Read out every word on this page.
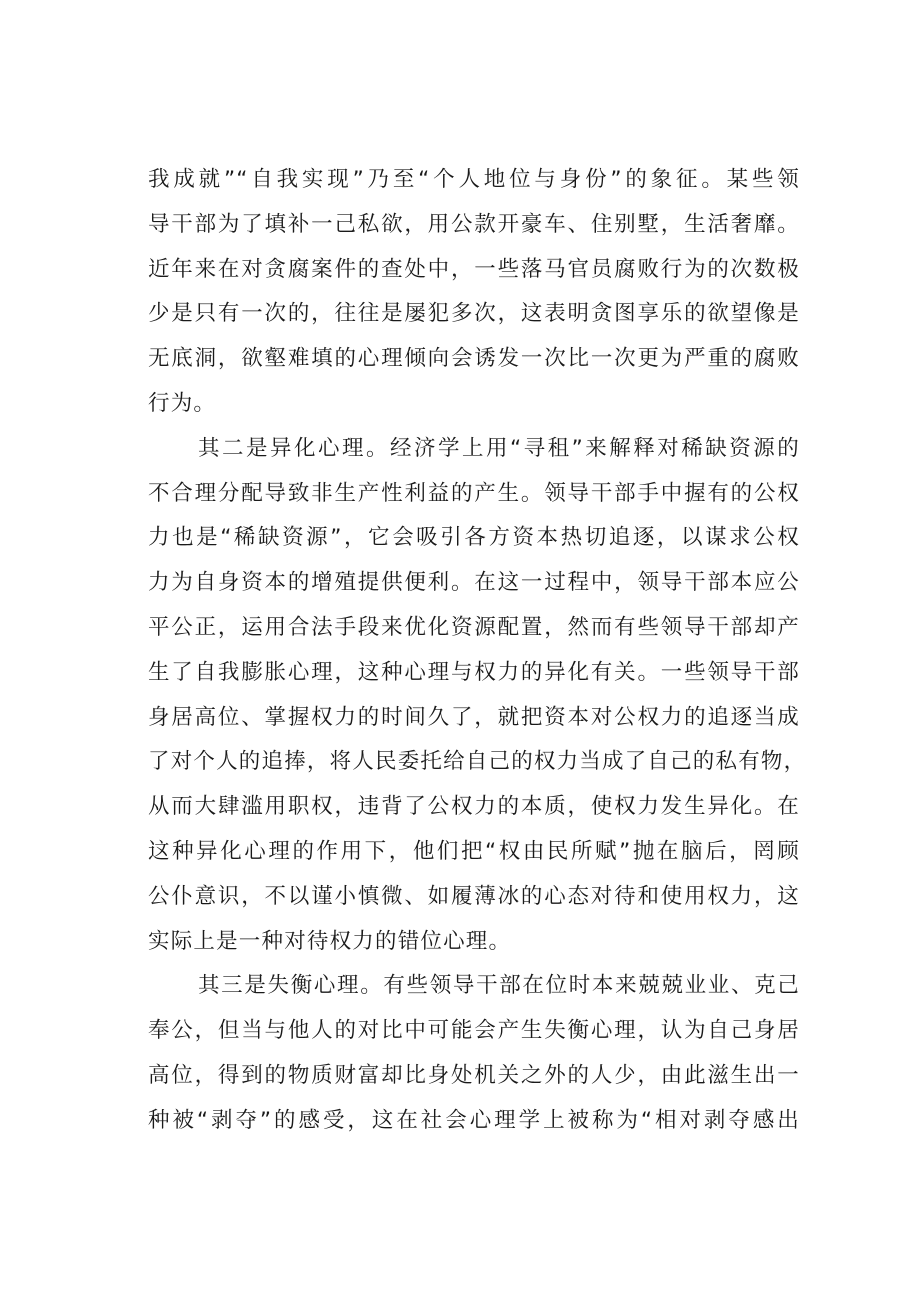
我成就”“自我实现”乃至“个人地位与身份”的象征。某些领
导干部为了填补一己私欲，用公款开豪车、住别墅，生活奢靡。
近年来在对贪腐案件的查处中，一些落马官员腐败行为的次数极
少是只有一次的，往往是屡犯多次，这表明贪图享乐的欲望像是
无底洞，欲壑难填的心理倾向会诱发一次比一次更为严重的腐败
行为。
其二是异化心理。经济学上用“寻租”来解释对稀缺资源的
不合理分配导致非生产性利益的产生。领导干部手中握有的公权
力也是“稀缺资源”，它会吸引各方资本热切追逐，以谋求公权
力为自身资本的增殖提供便利。在这一过程中，领导干部本应公
平公正，运用合法手段来优化资源配置，然而有些领导干部却产
生了自我膨胀心理，这种心理与权力的异化有关。一些领导干部
身居高位、掌握权力的时间久了，就把资本对公权力的追逐当成
了对个人的追捧，将人民委托给自己的权力当成了自己的私有物，
从而大肆滥用职权，违背了公权力的本质，使权力发生异化。在
这种异化心理的作用下，他们把“权由民所赋”抛在脑后，罔顾
公仆意识，不以谨小慎微、如履薄冰的心态对待和使用权力，这
实际上是一种对待权力的错位心理。
其三是失衡心理。有些领导干部在位时本来兢兢业业、克己
奉公，但当与他人的对比中可能会产生失衡心理，认为自己身居
高位，得到的物质财富却比身处机关之外的人少，由此滋生出一
种被“剥夺”的感受，这在社会心理学上被称为“相对剥夺感出
